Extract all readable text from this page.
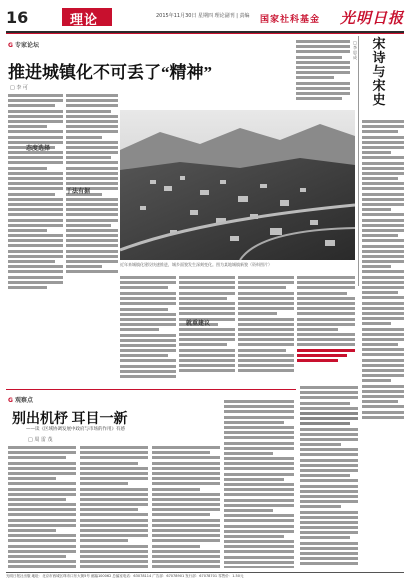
16	理论	2015年11月30日 星期四 理论副刊 | 责编 国家社科基金 光明日报
G 专家论坛
推进城镇化不可丢了“精神”
□ 李 可
态度选择
近年来城镇化建设快速推进，城乡面貌发生深刻变化。图为某地城镇新貌（资料图片）
于法有据
就重建议
宋
诗
与
宋
史
□
李
思
成
G 观察点
别出机杼 耳目一新
——读《区域协调发展中政府与市场的作用》有感
□ 周 雷 茂
光明日报社出版 地址：北京市西城区珠市口东大街5号 邮编100062 总编室电话：63078114 广告部：67078901 发行部：67078701 零售价：1.50元
